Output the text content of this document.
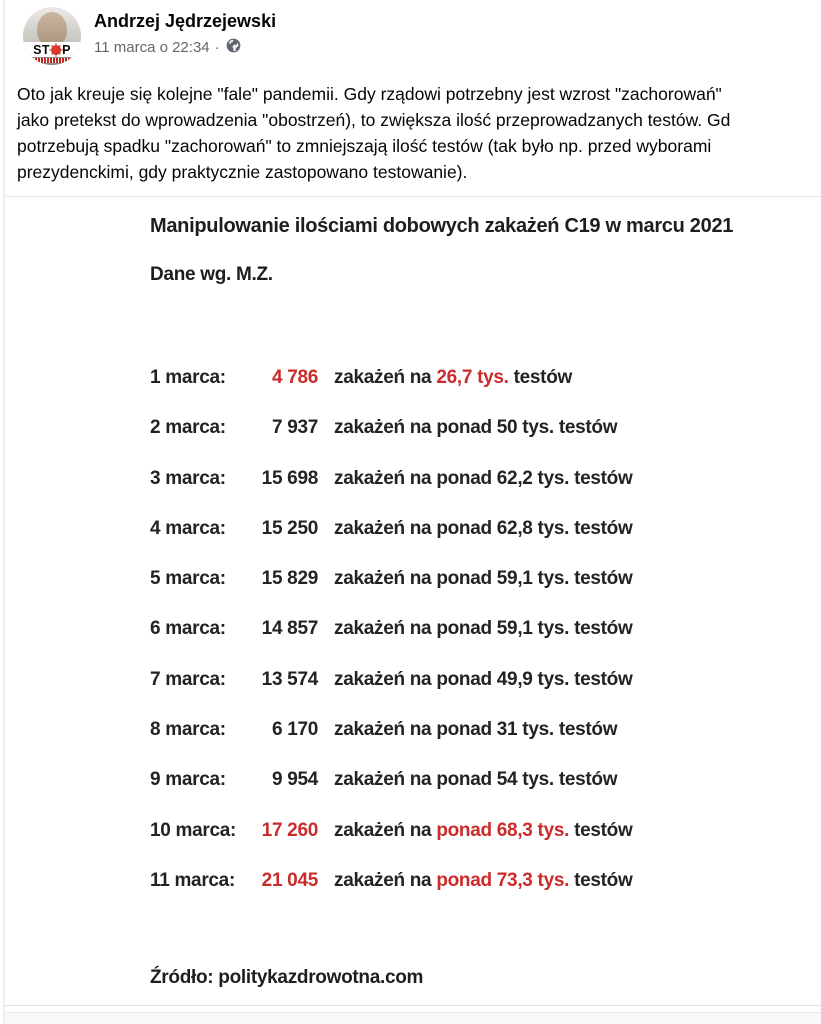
ST P
Andrzej Jędrzejewski
11 marca o 22:34 ·
Oto jak kreuje się kolejne "fale" pandemii. Gdy rządowi potrzebny jest wzrost "zachorowań"
jako pretekst do wprowadzenia "obostrzeń), to zwiększa ilość przeprowadzanych testów. Gd
potrzebują spadku "zachorowań" to zmniejszają ilość testów (tak było np. przed wyborami
prezydenckimi, gdy praktycznie zastopowano testowanie).
Manipulowanie ilościami dobowych zakażeń C19 w marcu 2021
Dane wg. M.Z.
1 marca:	4 786 zakażeń na 26,7 tys. testów
2 marca:	7 937 zakażeń na ponad 50 tys. testów
3 marca:	15 698 zakażeń na ponad 62,2 tys. testów
4 marca:	15 250 zakażeń na ponad 62,8 tys. testów
5 marca:	15 829 zakażeń na ponad 59,1 tys. testów
6 marca:	14 857 zakażeń na ponad 59,1 tys. testów
7 marca:	13 574 zakażeń na ponad 49,9 tys. testów
8 marca:	6 170 zakażeń na ponad 31 tys. testów
9 marca:	9 954 zakażeń na ponad 54 tys. testów
10 marca:	17 260 zakażeń na ponad 68,3 tys. testów
11 marca:	21 045 zakażeń na ponad 73,3 tys. testów
Źródło: politykazdrowotna.com
